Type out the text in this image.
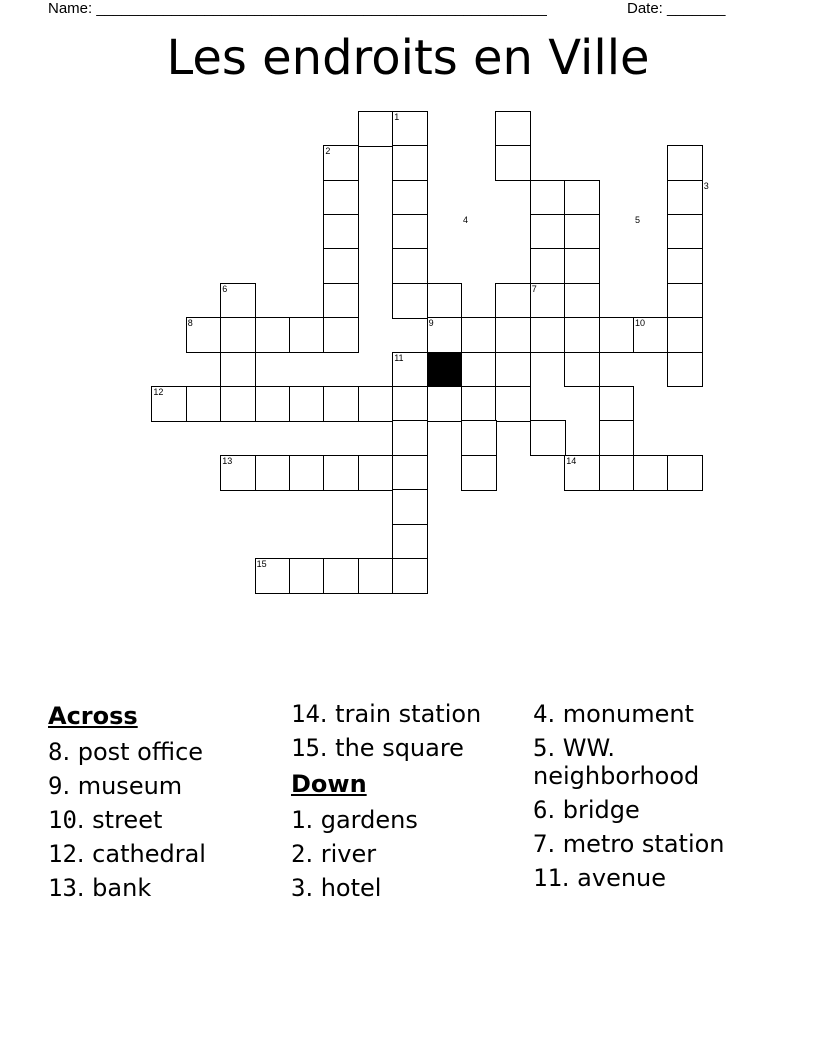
Name: ______________________________________________________	Date: _______
Les endroits en Ville
1
2
3
4	5
6	7
8	9	10
11
12
13	14
15
Across
8. post office
9. museum
10. street
12. cathedral
13. bank
14. train station
15. the square
Down
1. gardens
2. river
3. hotel
4. monument
5. WW. neighborhood
6. bridge
7. metro station
11. avenue
